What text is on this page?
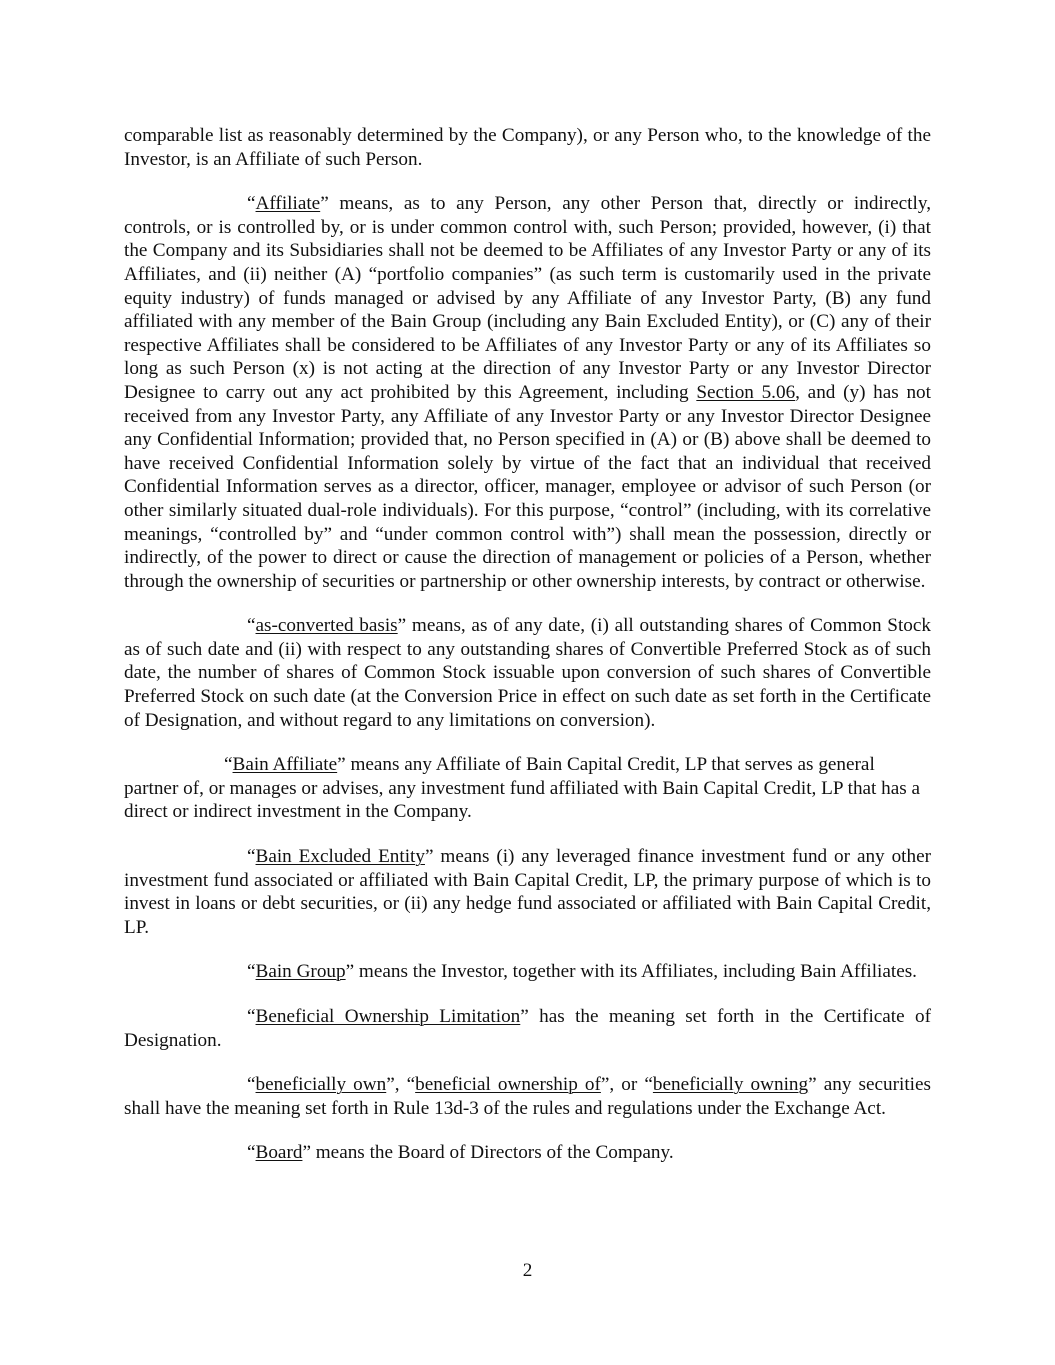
comparable list as reasonably determined by the Company), or any Person who, to the knowledge of the Investor, is an Affiliate of such Person.

“Affiliate” means, as to any Person, any other Person that, directly or indirectly, controls, or is controlled by, or is under common control with, such Person; provided, however, (i) that the Company and its Subsidiaries shall not be deemed to be Affiliates of any Investor Party or any of its Affiliates, and (ii) neither (A) “portfolio companies” (as such term is customarily used in the private equity industry) of funds managed or advised by any Affiliate of any Investor Party, (B) any fund affiliated with any member of the Bain Group (including any Bain Excluded Entity), or (C) any of their respective Affiliates shall be considered to be Affiliates of any Investor Party or any of its Affiliates so long as such Person (x) is not acting at the direction of any Investor Party or any Investor Director Designee to carry out any act prohibited by this Agreement, including Section 5.06, and (y) has not received from any Investor Party, any Affiliate of any Investor Party or any Investor Director Designee any Confidential Information; provided that, no Person specified in (A) or (B) above shall be deemed to have received Confidential Information solely by virtue of the fact that an individual that received Confidential Information serves as a director, officer, manager, employee or advisor of such Person (or other similarly situated dual-role individuals). For this purpose, “control” (including, with its correlative meanings, “controlled by” and “under common control with”) shall mean the possession, directly or indirectly, of the power to direct or cause the direction of management or policies of a Person, whether through the ownership of securities or partnership or other ownership interests, by contract or otherwise.

“as-converted basis” means, as of any date, (i) all outstanding shares of Common Stock as of such date and (ii) with respect to any outstanding shares of Convertible Preferred Stock as of such date, the number of shares of Common Stock issuable upon conversion of such shares of Convertible Preferred Stock on such date (at the Conversion Price in effect on such date as set forth in the Certificate of Designation, and without regard to any limitations on conversion).

“Bain Affiliate” means any Affiliate of Bain Capital Credit, LP that serves as general partner of, or manages or advises, any investment fund affiliated with Bain Capital Credit, LP that has a direct or indirect investment in the Company.

“Bain Excluded Entity” means (i) any leveraged finance investment fund or any other investment fund associated or affiliated with Bain Capital Credit, LP, the primary purpose of which is to invest in loans or debt securities, or (ii) any hedge fund associated or affiliated with Bain Capital Credit, LP.

“Bain Group” means the Investor, together with its Affiliates, including Bain Affiliates.

“Beneficial Ownership Limitation” has the meaning set forth in the Certificate of Designation.

“beneficially own”, “beneficial ownership of”, or “beneficially owning” any securities shall have the meaning set forth in Rule 13d-3 of the rules and regulations under the Exchange Act.

“Board” means the Board of Directors of the Company.

2
